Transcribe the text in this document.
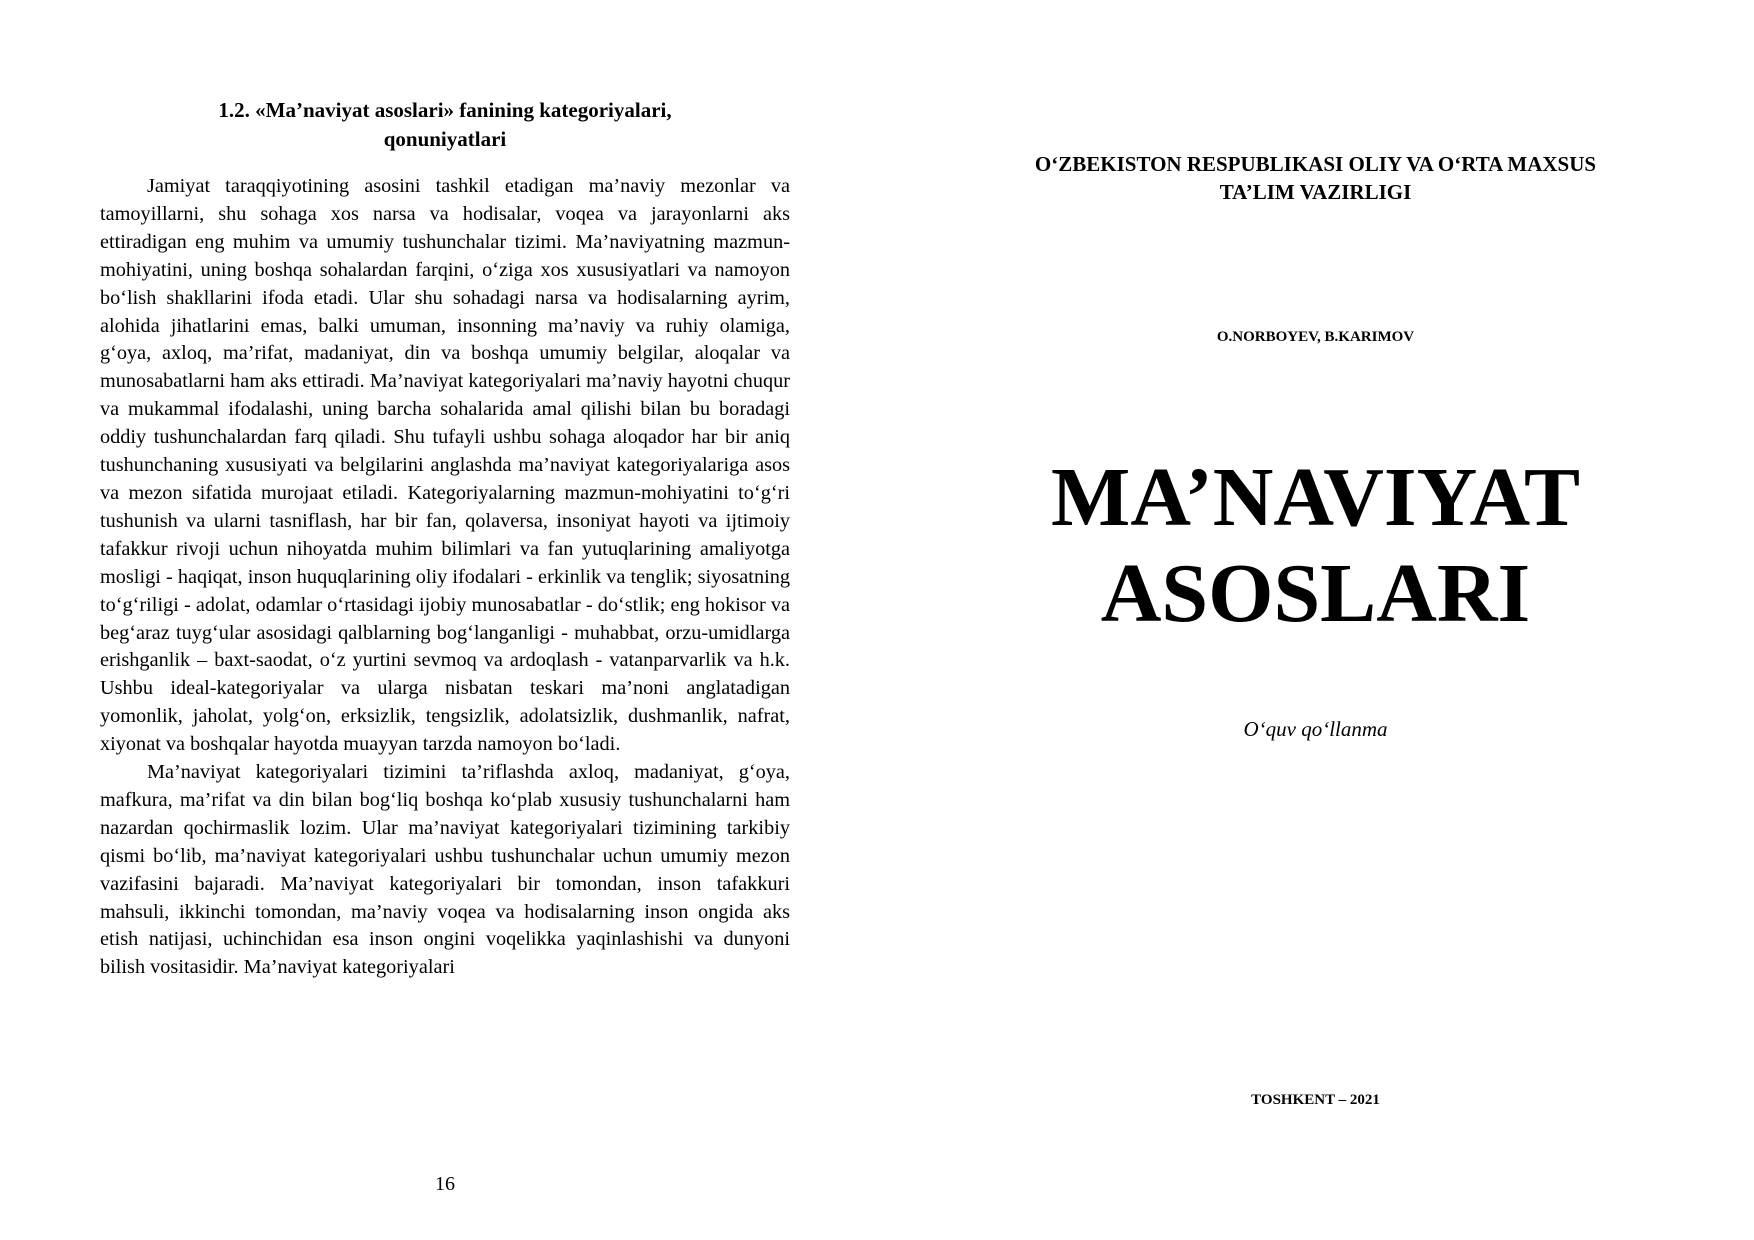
1.2. «Ma’naviyat asoslari» fanining kategoriyalari,
qonuniyatlari

Jamiyat taraqqiyotining asosini tashkil etadigan ma’naviy mezonlar va tamoyillarni, shu sohaga xos narsa va hodisalar, voqea va jarayonlarni aks ettiradigan eng muhim va umumiy tushunchalar tizimi. Ma’naviyatning mazmun-mohiyatini, uning boshqa sohalardan farqini, o‘ziga xos xususiyatlari va namoyon bo‘lish shakllarini ifoda etadi. Ular shu sohadagi narsa va hodisalarning ayrim, alohida jihatlarini emas, balki umuman, insonning ma’naviy va ruhiy olamiga, g‘oya, axloq, ma’rifat, madaniyat, din va boshqa umumiy belgilar, aloqalar va munosabatlarni ham aks ettiradi. Ma’naviyat kategoriyalari ma’naviy hayotni chuqur va mukammal ifodalashi, uning barcha sohalarida amal qilishi bilan bu boradagi oddiy tushunchalardan farq qiladi. Shu tufayli ushbu sohaga aloqador har bir aniq tushunchaning xususiyati va belgilarini anglashda ma’naviyat kategoriyalariga asos va mezon sifatida murojaat etiladi. Kategoriyalarning mazmun-mohiyatini to‘g‘ri tushunish va ularni tasniflash, har bir fan, qolaversa, insoniyat hayoti va ijtimoiy tafakkur rivoji uchun nihoyatda muhim bilimlari va fan yutuqlarining amaliyotga mosligi - haqiqat, inson huquqlarining oliy ifodalari - erkinlik va tenglik; siyosatning to‘g‘riligi - adolat, odamlar o‘rtasidagi ijobiy munosabatlar - do‘stlik; eng hokisor va beg‘araz tuyg‘ular asosidagi qalblarning bog‘langanligi - muhabbat, orzu-umidlarga erishganlik – baxt-saodat, o‘z yurtini sevmoq va ardoqlash - vatanparvarlik va h.k. Ushbu ideal-kategoriyalar va ularga nisbatan teskari ma’noni anglatadigan yomonlik, jaholat, yolg‘on, erksizlik, tengsizlik, adolatsizlik, dushmanlik, nafrat, xiyonat va boshqalar hayotda muayyan tarzda namoyon bo‘ladi.

Ma’naviyat kategoriyalari tizimini ta’riflashda axloq, madaniyat, g‘oya, mafkura, ma’rifat va din bilan bog‘liq boshqa ko‘plab xususiy tushunchalarni ham nazardan qochirmaslik lozim. Ular ma’naviyat kategoriyalari tizimining tarkibiy qismi bo‘lib, ma’naviyat kategoriyalari ushbu tushunchalar uchun umumiy mezon vazifasini bajaradi. Ma’naviyat kategoriyalari bir tomondan, inson tafakkuri mahsuli, ikkinchi tomondan, ma’naviy voqea va hodisalarning inson ongida aks etish natijasi, uchinchidan esa inson ongini voqelikka yaqinlashishi va dunyoni bilish vositasidir. Ma’naviyat kategoriyalari

16
O‘ZBEKISTON RESPUBLIKASI OLIY VA O‘RTA MAXSUS
TA’LIM VAZIRLIGI
O.NORBOYEV, B.KARIMOV
MA’NAVIYAT
ASOSLARI
O‘quv qo‘llanma
TOSHKENT – 2021
